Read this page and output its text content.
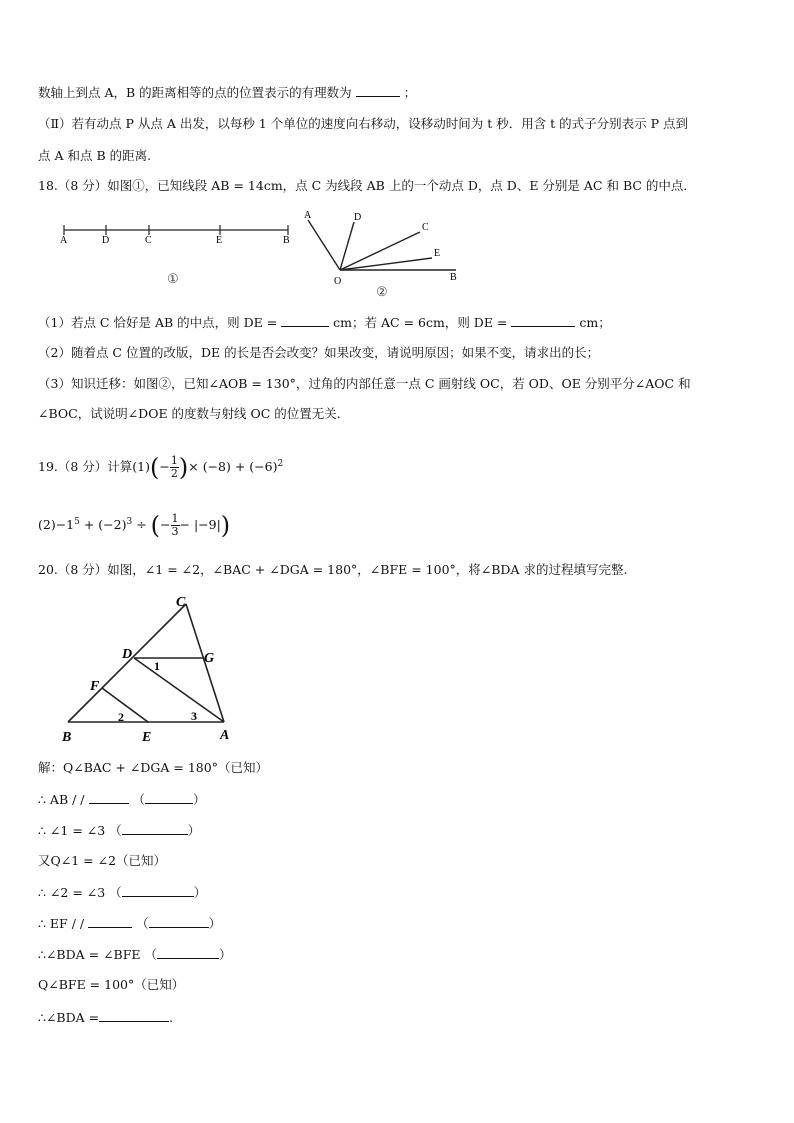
数轴上到点 A，B 的距离相等的点的位置表示的有理数为	；
（Ⅱ）若有动点 P 从点 A 出发，以每秒 1 个单位的速度向右移动，设移动时间为 t 秒．用含 t 的式子分别表示 P 点到
点 A 和点 B 的距离.
18.（8 分）如图①，已知线段 AB = 14cm，点 C 为线段 AB 上的一个动点 D，点 D、E 分别是 AC 和 BC 的中点．
A	D	C	E	B
①
A	D
C
E
B
O
②
（1）若点 C 恰好是 AB 的中点，则 DE =	cm；若 AC = 6cm，则 DE =	cm；
（2）随着点 C 位置的改版，DE 的长是否会改变？如果改变，请说明原因；如果不变，请求出的长；
（3）知识迁移：如图②，已知∠AOB = 130°，过角的内部任意一点 C 画射线 OC，若 OD、OE 分别平分∠AOC 和
∠BOC，试说明∠DOE 的度数与射线 OC 的位置无关.
19.（8 分）计算$(1)(- \frac{1}{2}$ )× $(-8) + (-6)^2$
$(2)-1^5 + (-2)^3$ ÷ (− $\frac{1}{3} - |-9|$)
20.（8 分）如图，∠1 = ∠2，∠BAC + ∠DGA = 180°，∠BFE = 100°，将∠BDA 求的过程填写完整.
C
D	G
1
F
2	3
B	E	A
解：Q∠BAC + ∠DGA = 180°（已知）
∴ AB / /	（	）
∴ ∠1 = ∠3 （	）
又Q∠1 = ∠2（已知）
∴ ∠2 = ∠3 （	）
∴ EF / /	（	）
∴∠BDA = ∠BFE （	）
Q∠BFE = 100°（已知）
∴∠BDA =	.
